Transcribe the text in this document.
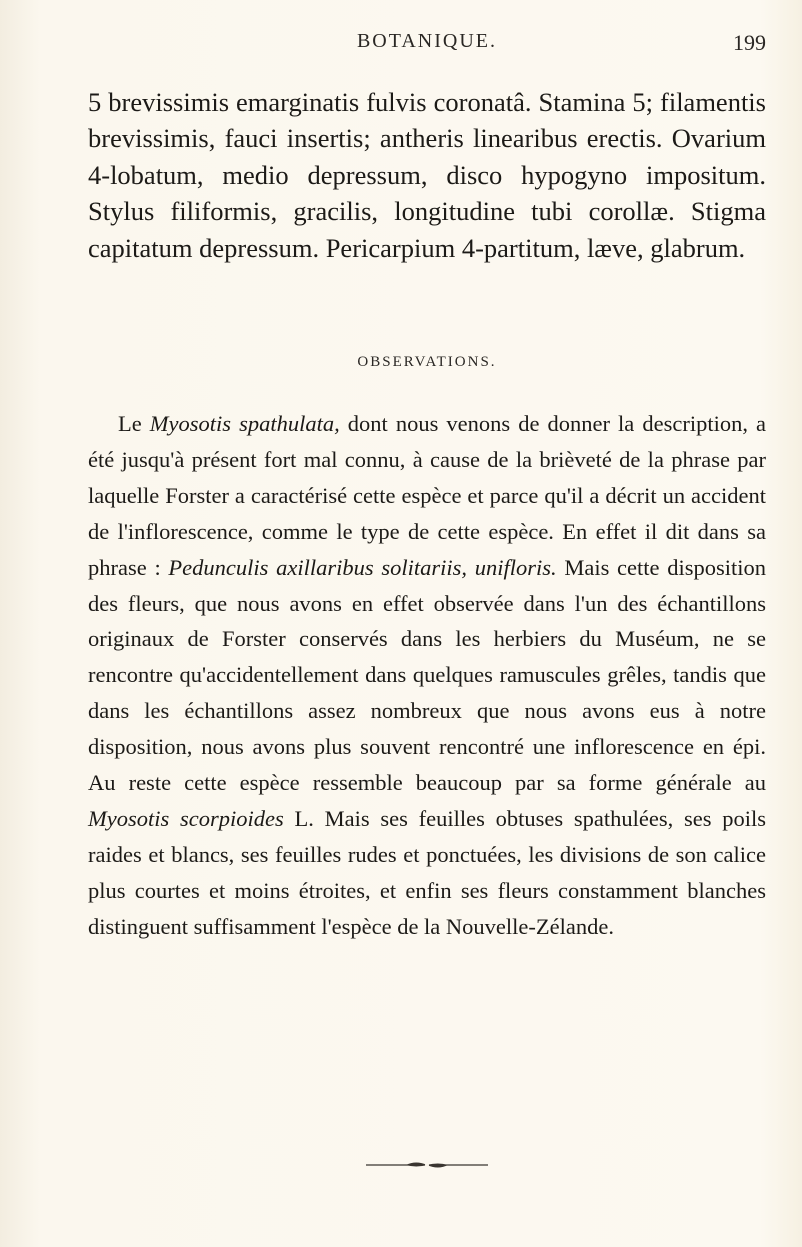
BOTANIQUE.	199

5 brevissimis emarginatis fulvis coronatâ. Stamina 5; filamentis brevissimis, fauci insertis; antheris linearibus erectis. Ovarium 4-lobatum, medio depressum, disco hypogyno impositum. Stylus filiformis, gracilis, longitudine tubi corollæ. Stigma capitatum depressum. Pericarpium 4-partitum, læve, glabrum.

OBSERVATIONS.

Le Myosotis spathulata, dont nous venons de donner la description, a été jusqu'à présent fort mal connu, à cause de la brièveté de la phrase par laquelle Forster a caractérisé cette espèce et parce qu'il a décrit un accident de l'inflorescence, comme le type de cette espèce. En effet il dit dans sa phrase : Pedunculis axillaribus solitariis, unifloris. Mais cette disposition des fleurs, que nous avons en effet observée dans l'un des échantillons originaux de Forster conservés dans les herbiers du Muséum, ne se rencontre qu'accidentellement dans quelques ramuscules grêles, tandis que dans les échantillons assez nombreux que nous avons eus à notre disposition, nous avons plus souvent rencontré une inflorescence en épi. Au reste cette espèce ressemble beaucoup par sa forme générale au Myosotis scorpioides L. Mais ses feuilles obtuses spathulées, ses poils raides et blancs, ses feuilles rudes et ponctuées, les divisions de son calice plus courtes et moins étroites, et enfin ses fleurs constamment blanches distinguent suffisamment l'espèce de la Nouvelle-Zélande.
